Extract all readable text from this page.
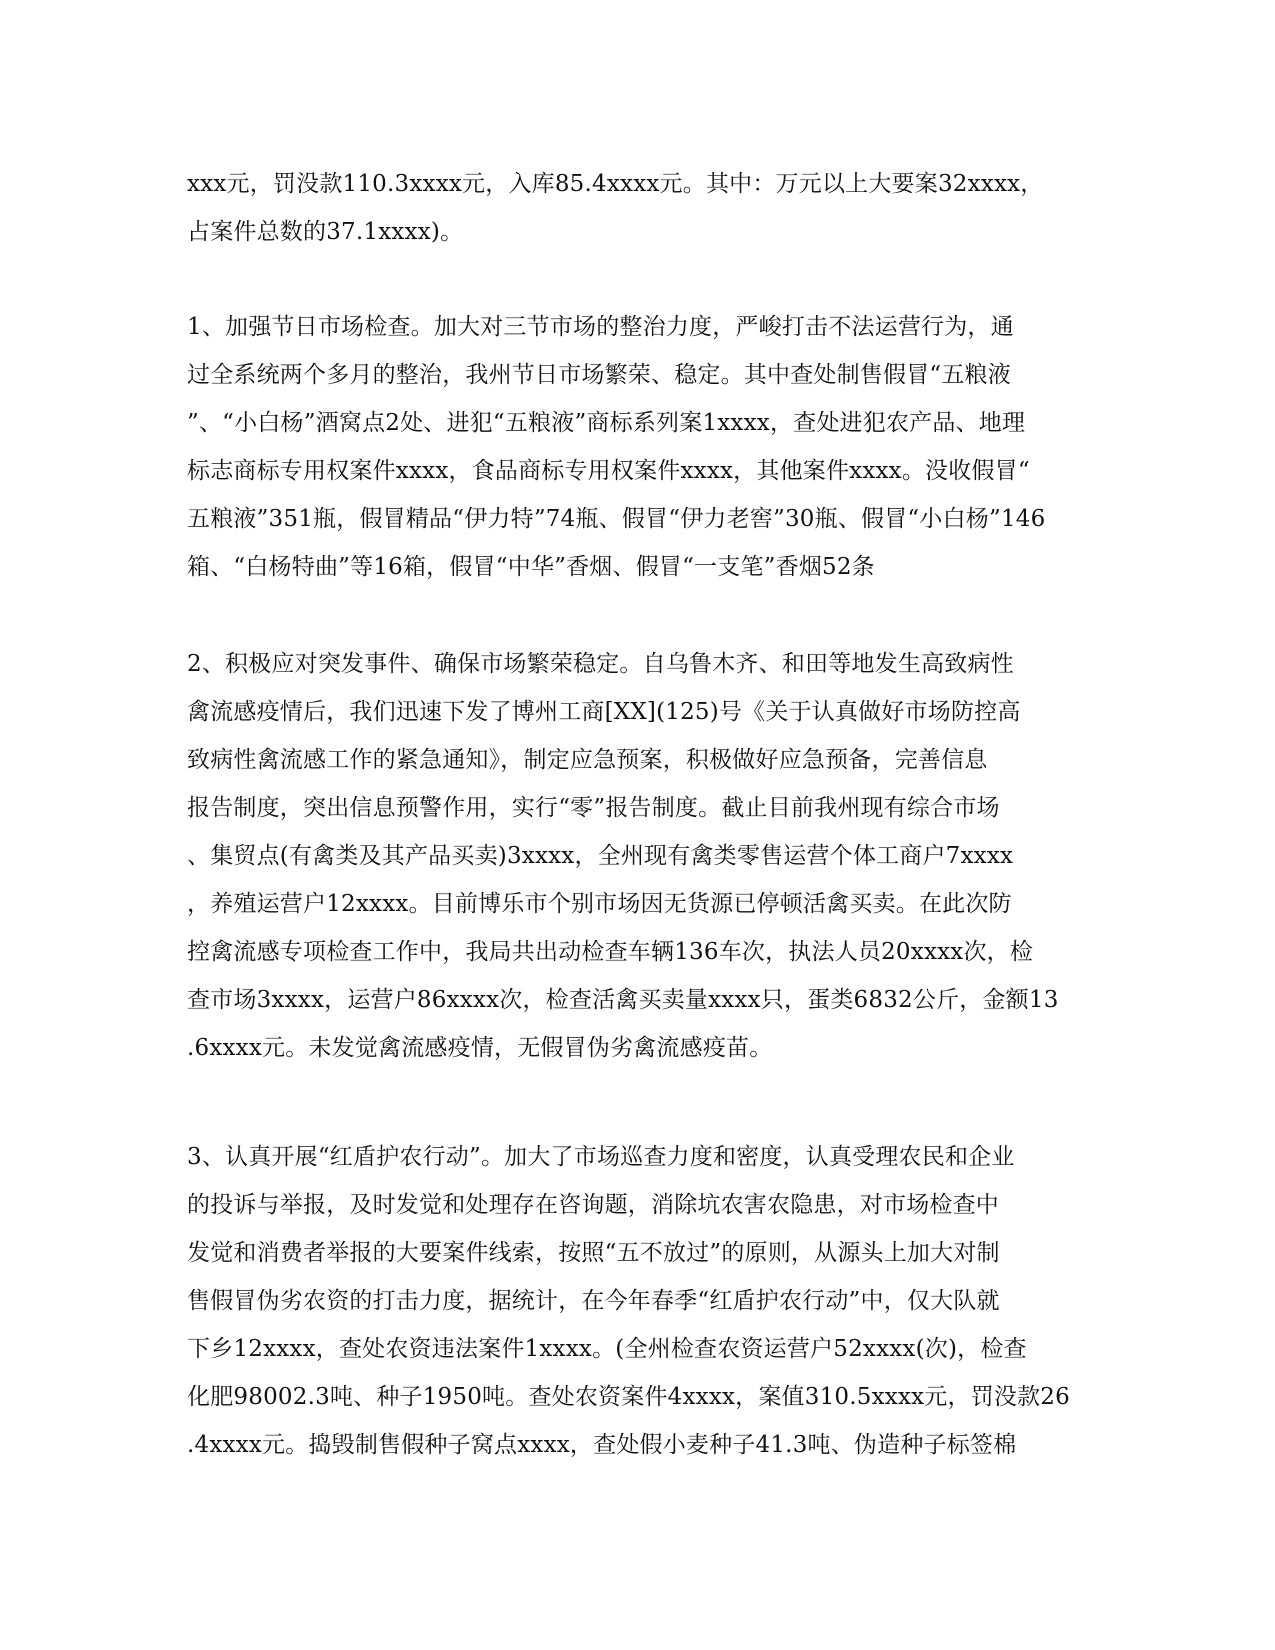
xxx元，罚没款110.3xxxx元，入库85.4xxxx元。其中：万元以上大要案32xxxx，
占案件总数的37.1xxxx)。
1、加强节日市场检查。加大对三节市场的整治力度，严峻打击不法运营行为，通
过全系统两个多月的整治，我州节日市场繁荣、稳定。其中查处制售假冒“五粮液
”、“小白杨”酒窝点2处、进犯“五粮液”商标系列案1xxxx，查处进犯农产品、地理
标志商标专用权案件xxxx，食品商标专用权案件xxxx，其他案件xxxx。没收假冒“
五粮液”351瓶，假冒精品“伊力特”74瓶、假冒“伊力老窖”30瓶、假冒“小白杨”146
箱、“白杨特曲”等16箱，假冒“中华”香烟、假冒“一支笔”香烟52条
2、积极应对突发事件、确保市场繁荣稳定。自乌鲁木齐、和田等地发生高致病性
禽流感疫情后，我们迅速下发了博州工商[XX](125)号《关于认真做好市场防控高
致病性禽流感工作的紧急通知》，制定应急预案，积极做好应急预备，完善信息
报告制度，突出信息预警作用，实行“零”报告制度。截止目前我州现有综合市场
、集贸点(有禽类及其产品买卖)3xxxx，全州现有禽类零售运营个体工商户7xxxx
，养殖运营户12xxxx。目前博乐市个别市场因无货源已停顿活禽买卖。在此次防
控禽流感专项检查工作中，我局共出动检查车辆136车次，执法人员20xxxx次，检
查市场3xxxx，运营户86xxxx次，检查活禽买卖量xxxx只，蛋类6832公斤，金额13
.6xxxx元。未发觉禽流感疫情，无假冒伪劣禽流感疫苗。
3、认真开展“红盾护农行动”。加大了市场巡查力度和密度，认真受理农民和企业
的投诉与举报，及时发觉和处理存在咨询题，消除坑农害农隐患，对市场检查中
发觉和消费者举报的大要案件线索，按照“五不放过”的原则，从源头上加大对制
售假冒伪劣农资的打击力度，据统计，在今年春季“红盾护农行动”中，仅大队就
下乡12xxxx，查处农资违法案件1xxxx。(全州检查农资运营户52xxxx(次)，检查
化肥98002.3吨、种子1950吨。查处农资案件4xxxx，案值310.5xxxx元，罚没款26
.4xxxx元。捣毁制售假种子窝点xxxx，查处假小麦种子41.3吨、伪造种子标签棉
